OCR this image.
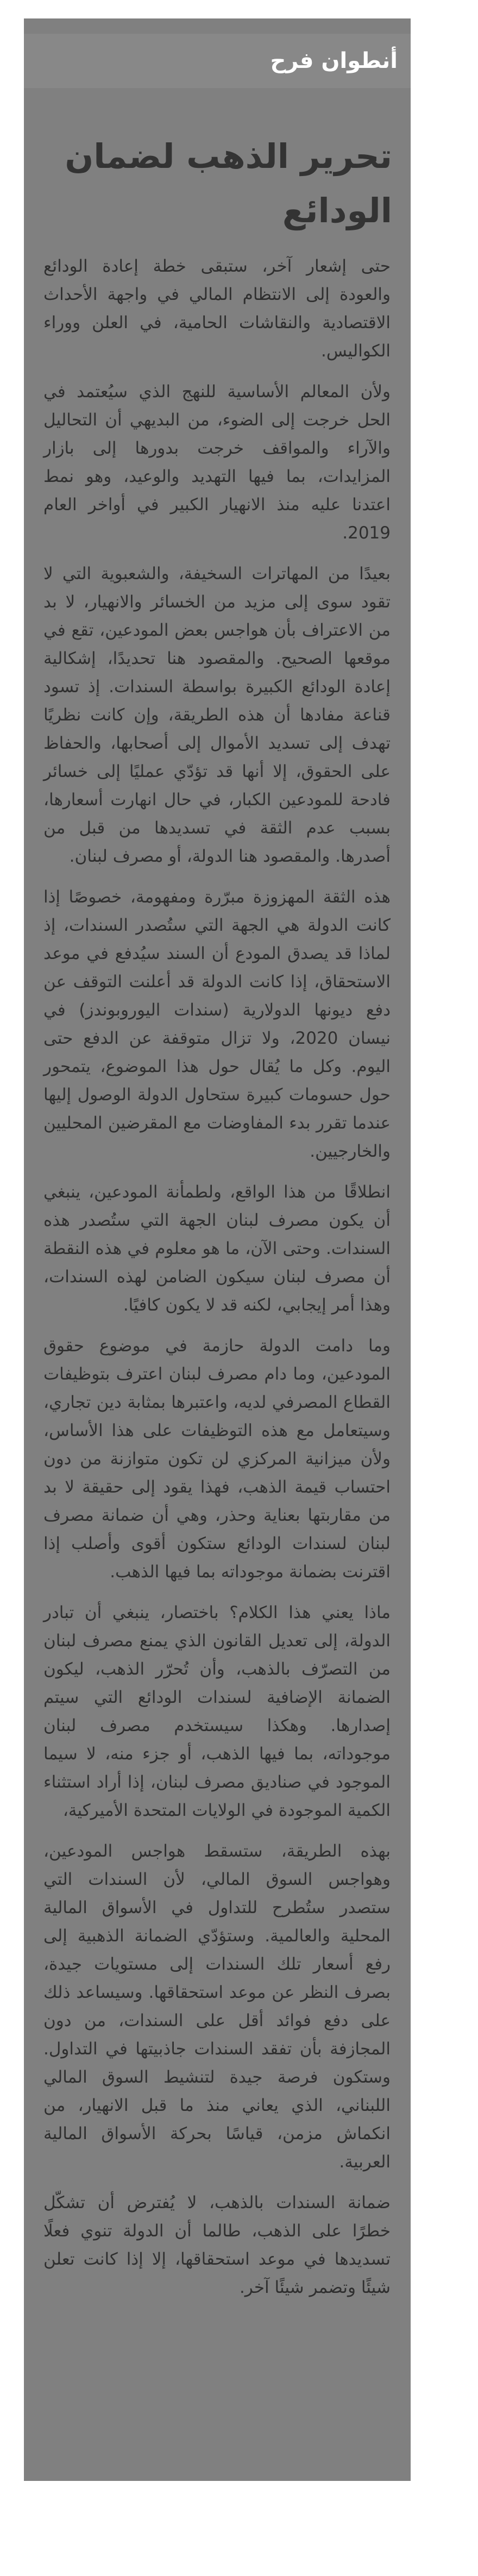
أنطوان فرح
تحرير الذهب لضمان الودائع

حتى إشعار آخر، ستبقى خطة إعادة الودائع والعودة إلى الانتظام المالي في واجهة الأحداث الاقتصادية والنقاشات الحامية، في العلن ووراء الكواليس.

ولأن المعالم الأساسية للنهج الذي سيُعتمد في الحل خرجت إلى الضوء، من البديهي أن التحاليل والآراء والمواقف خرجت بدورها إلى بازار المزايدات، بما فيها التهديد والوعيد، وهو نمط اعتدنا عليه منذ الانهيار الكبير في أواخر العام 2019.

بعيدًا من المهاترات السخيفة، والشعبوية التي لا تقود سوى إلى مزيد من الخسائر والانهيار، لا بد من الاعتراف بأن هواجس بعض المودعين، تقع في موقعها الصحيح. والمقصود هنا تحديدًا، إشكالية إعادة الودائع الكبيرة بواسطة السندات. إذ تسود قناعة مفادها أن هذه الطريقة، وإن كانت نظريًا تهدف إلى تسديد الأموال إلى أصحابها، والحفاظ على الحقوق، إلا أنها قد تؤدّي عمليًا إلى خسائر فادحة للمودعين الكبار، في حال انهارت أسعارها، بسبب عدم الثقة في تسديدها من قبل من أصدرها. والمقصود هنا الدولة، أو مصرف لبنان.

هذه الثقة المهزوزة مبرّرة ومفهومة، خصوصًا إذا كانت الدولة هي الجهة التي ستُصدر السندات، إذ لماذا قد يصدق المودع أن السند سيُدفع في موعد الاستحقاق، إذا كانت الدولة قد أعلنت التوقف عن دفع ديونها الدولارية (سندات اليوروبوندز) في نيسان 2020، ولا تزال متوقفة عن الدفع حتى اليوم. وكل ما يُقال حول هذا الموضوع، يتمحور حول حسومات كبيرة ستحاول الدولة الوصول إليها عندما تقرر بدء المفاوضات مع المقرضين المحليين والخارجيين.

انطلاقًا من هذا الواقع، ولطمأنة المودعين، ينبغي أن يكون مصرف لبنان الجهة التي ستُصدر هذه السندات. وحتى الآن، ما هو معلوم في هذه النقطة أن مصرف لبنان سيكون الضامن لهذه السندات، وهذا أمر إيجابي، لكنه قد لا يكون كافيًا.

وما دامت الدولة حازمة في موضوع حقوق المودعين، وما دام مصرف لبنان اعترف بتوظيفات القطاع المصرفي لديه، واعتبرها بمثابة دين تجاري، وسيتعامل مع هذه التوظيفات على هذا الأساس، ولأن ميزانية المركزي لن تكون متوازنة من دون احتساب قيمة الذهب، فهذا يقود إلى حقيقة لا بد من مقاربتها بعناية وحذر، وهي أن ضمانة مصرف لبنان لسندات الودائع ستكون أقوى وأصلب إذا اقترنت بضمانة موجوداته بما فيها الذهب.

ماذا يعني هذا الكلام؟ باختصار، ينبغي أن تبادر الدولة، إلى تعديل القانون الذي يمنع مصرف لبنان من التصرّف بالذهب، وأن تُحرّر الذهب، ليكون الضمانة الإضافية لسندات الودائع التي سيتم إصدارها. وهكذا سيستخدم مصرف لبنان موجوداته، بما فيها الذهب، أو جزء منه، لا سيما الموجود في صناديق مصرف لبنان، إذا أراد استثناء الكمية الموجودة في الولايات المتحدة الأميركية،

بهذه الطريقة، ستسقط هواجس المودعين، وهواجس السوق المالي، لأن السندات التي ستصدر ستُطرح للتداول في الأسواق المالية المحلية والعالمية. وستؤدّي الضمانة الذهبية إلى رفع أسعار تلك السندات إلى مستويات جيدة، بصرف النظر عن موعد استحقاقها. وسيساعد ذلك على دفع فوائد أقل على السندات، من دون المجازفة بأن تفقد السندات جاذبيتها في التداول. وستكون فرصة جيدة لتنشيط السوق المالي اللبناني، الذي يعاني منذ ما قبل الانهيار، من انكماش مزمن، قياسًا بحركة الأسواق المالية العربية.

ضمانة السندات بالذهب، لا يُفترض أن تشكّل خطرًا على الذهب، طالما أن الدولة تنوي فعلًا تسديدها في موعد استحقاقها، إلا إذا كانت تعلن شيئًا وتضمر شيئًا آخر.
